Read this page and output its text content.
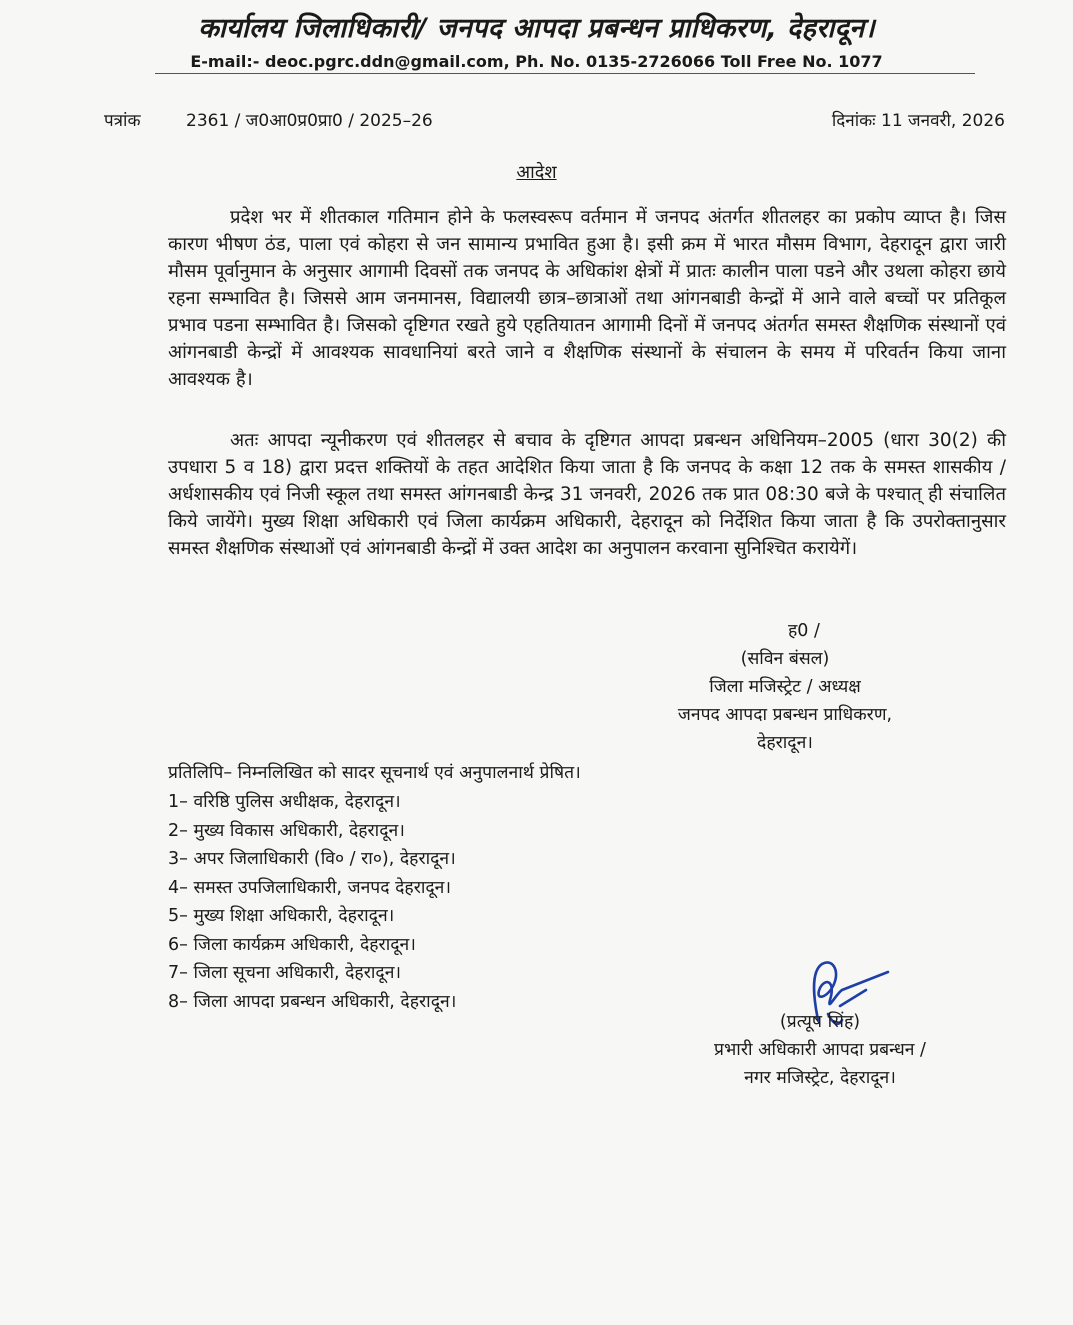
कार्यालय जिलाधिकारी/ जनपद आपदा प्रबन्धन प्राधिकरण, देहरादून।
E-mail:- deoc.pgrc.ddn@gmail.com, Ph. No. 0135-2726066 Toll Free No. 1077
पत्रांक	2361 / ज0आ0प्र0प्रा0 / 2025–26	दिनांकः 11 जनवरी, 2026
आदेश
प्रदेश भर में शीतकाल गतिमान होने के फलस्वरूप वर्तमान में जनपद अंतर्गत शीतलहर का प्रकोप व्याप्त है। जिस कारण भीषण ठंड, पाला एवं कोहरा से जन सामान्य प्रभावित हुआ है। इसी क्रम में भारत मौसम विभाग, देहरादून द्वारा जारी मौसम पूर्वानुमान के अनुसार आगामी दिवसों तक जनपद के अधिकांश क्षेत्रों में प्रातः कालीन पाला पडने और उथला कोहरा छाये रहना सम्भावित है। जिससे आम जनमानस, विद्यालयी छात्र–छात्राओं तथा आंगनबाडी केन्द्रों में आने वाले बच्चों पर प्रतिकूल प्रभाव पडना सम्भावित है। जिसको दृष्टिगत रखते हुये एहतियातन आगामी दिनों में जनपद अंतर्गत समस्त शैक्षणिक संस्थानों एवं आंगनबाडी केन्द्रों में आवश्यक सावधानियां बरते जाने व शैक्षणिक संस्थानों के संचालन के समय में परिवर्तन किया जाना आवश्यक है।
अतः आपदा न्यूनीकरण एवं शीतलहर से बचाव के दृष्टिगत आपदा प्रबन्धन अधिनियम–2005 (धारा 30(2) की उपधारा 5 व 18) द्वारा प्रदत्त शक्तियों के तहत आदेशित किया जाता है कि जनपद के कक्षा 12 तक के समस्त शासकीय / अर्धशासकीय एवं निजी स्कूल तथा समस्त आंगनबाडी केन्द्र 31 जनवरी, 2026 तक प्रात 08:30 बजे के पश्चात् ही संचालित किये जायेंगे। मुख्य शिक्षा अधिकारी एवं जिला कार्यक्रम अधिकारी, देहरादून को निर्देशित किया जाता है कि उपरोक्तानुसार समस्त शैक्षणिक संस्थाओं एवं आंगनबाडी केन्द्रों में उक्त आदेश का अनुपालन करवाना सुनिश्चित करायेगें।
ह0 /
(सविन बंसल)
जिला मजिस्ट्रेट / अध्यक्ष
जनपद आपदा प्रबन्धन प्राधिकरण,
देहरादून।
प्रतिलिपि– निम्नलिखित को सादर सूचनार्थ एवं अनुपालनार्थ प्रेषित।
1– वरिष्ठि पुलिस अधीक्षक, देहरादून।
2– मुख्य विकास अधिकारी, देहरादून।
3– अपर जिलाधिकारी (वि० / रा०), देहरादून।
4– समस्त उपजिलाधिकारी, जनपद देहरादून।
5– मुख्य शिक्षा अधिकारी, देहरादून।
6– जिला कार्यक्रम अधिकारी, देहरादून।
7– जिला सूचना अधिकारी, देहरादून।
8– जिला आपदा प्रबन्धन अधिकारी, देहरादून।
(प्रत्यूष सिंह)
प्रभारी अधिकारी आपदा प्रबन्धन /
नगर मजिस्ट्रेट, देहरादून।
